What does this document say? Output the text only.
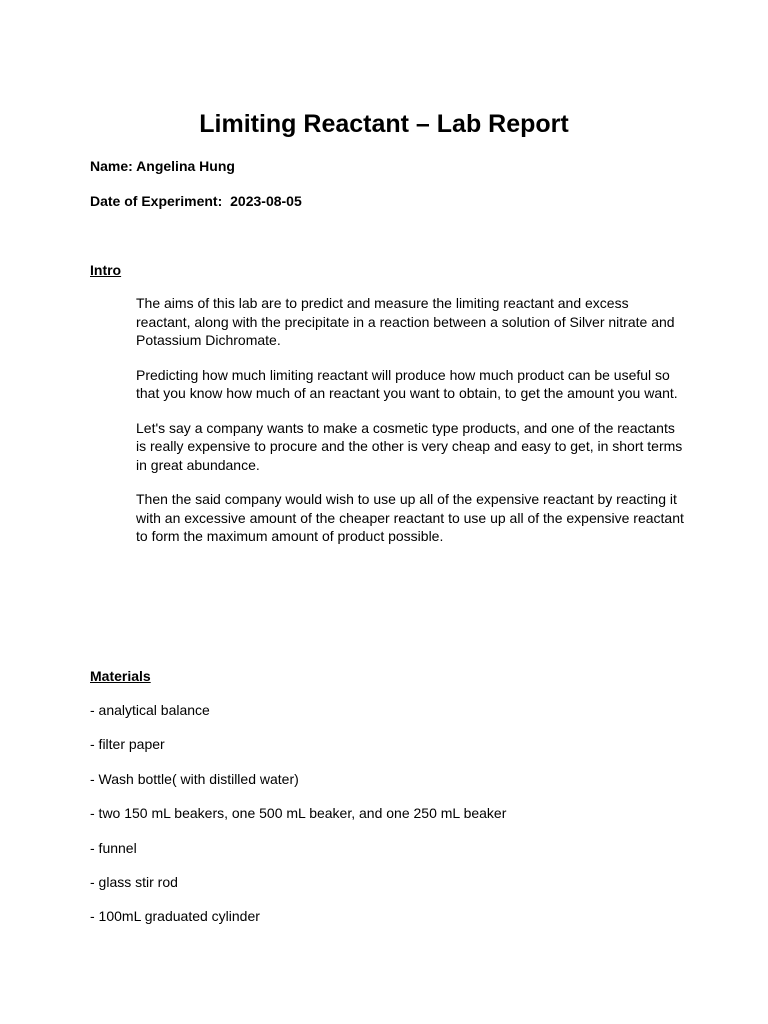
Limiting Reactant – Lab Report
Name: Angelina Hung
Date of Experiment: 2023-08-05
Intro

The aims of this lab are to predict and measure the limiting reactant and excess reactant, along with the precipitate in a reaction between a solution of Silver nitrate and Potassium Dichromate.

Predicting how much limiting reactant will produce how much product can be useful so that you know how much of an reactant you want to obtain, to get the amount you want.

Let's say a company wants to make a cosmetic type products, and one of the reactants is really expensive to procure and the other is very cheap and easy to get, in short terms in great abundance.

Then the said company would wish to use up all of the expensive reactant by reacting it with an excessive amount of the cheaper reactant to use up all of the expensive reactant to form the maximum amount of product possible.

Materials
- analytical balance
- filter paper
- Wash bottle( with distilled water)
- two 150 mL beakers, one 500 mL beaker, and one 250 mL beaker
- funnel
- glass stir rod
- 100mL graduated cylinder
